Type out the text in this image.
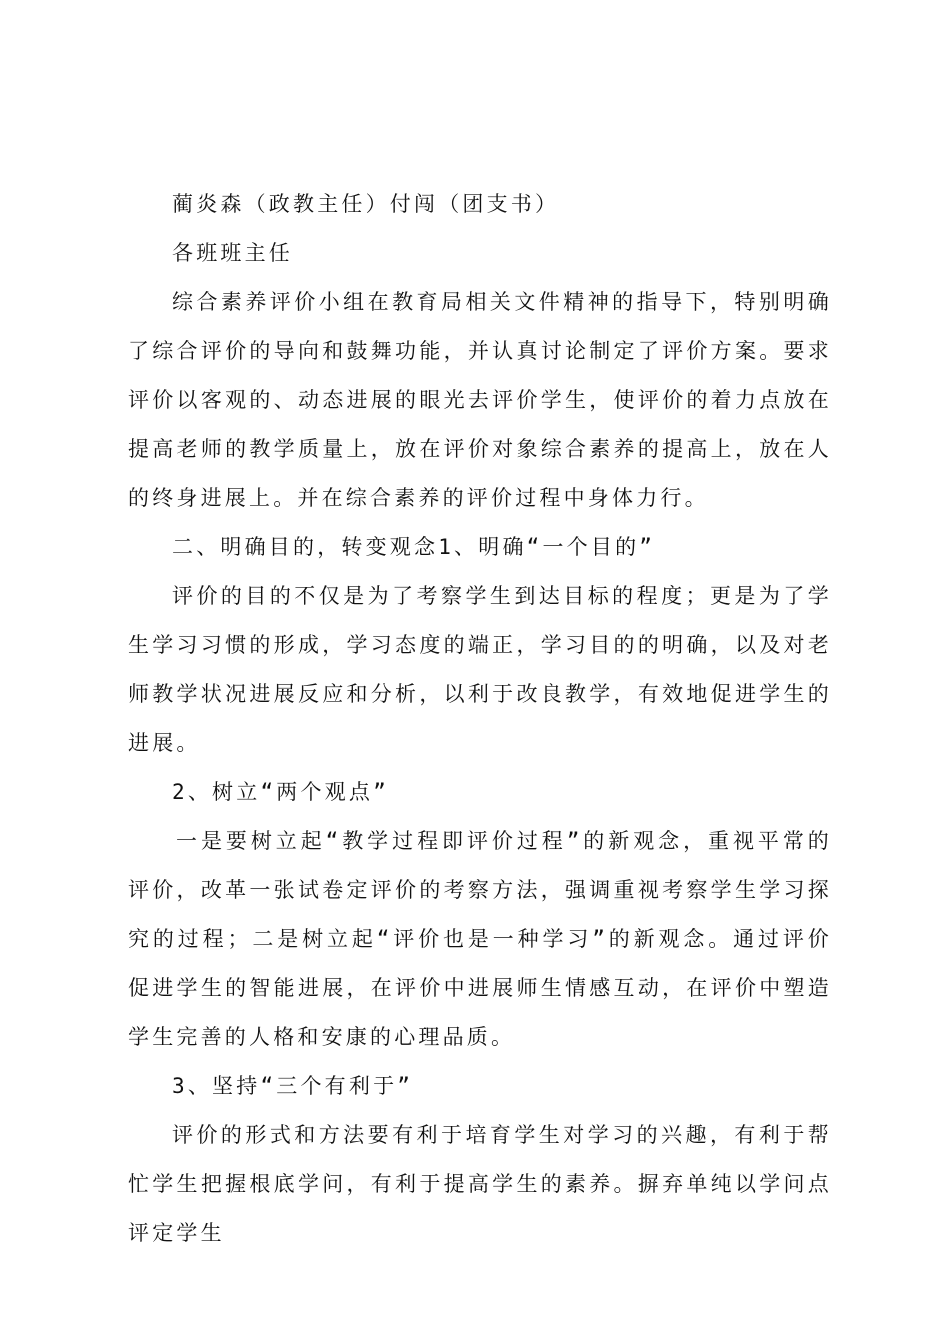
蔺炎森（政教主任）付闯（团支书）

各班班主任

综合素养评价小组在教育局相关文件精神的指导下，特别明确了综合评价的导向和鼓舞功能，并认真讨论制定了评价方案。要求评价以客观的、动态进展的眼光去评价学生，使评价的着力点放在提高老师的教学质量上，放在评价对象综合素养的提高上，放在人的终身进展上。并在综合素养的评价过程中身体力行。

二、明确目的，转变观念1、明确“一个目的”

评价的目的不仅是为了考察学生到达目标的程度；更是为了学生学习习惯的形成，学习态度的端正，学习目的的明确，以及对老师教学状况进展反应和分析，以利于改良教学，有效地促进学生的进展。

2、树立“两个观点”

一是要树立起“教学过程即评价过程”的新观念，重视平常的评价，改革一张试卷定评价的考察方法，强调重视考察学生学习探究的过程；二是树立起“评价也是一种学习”的新观念。通过评价促进学生的智能进展，在评价中进展师生情感互动，在评价中塑造学生完善的人格和安康的心理品质。

3、坚持“三个有利于”

评价的形式和方法要有利于培育学生对学习的兴趣，有利于帮忙学生把握根底学问，有利于提高学生的素养。摒弃单纯以学问点评定学生
